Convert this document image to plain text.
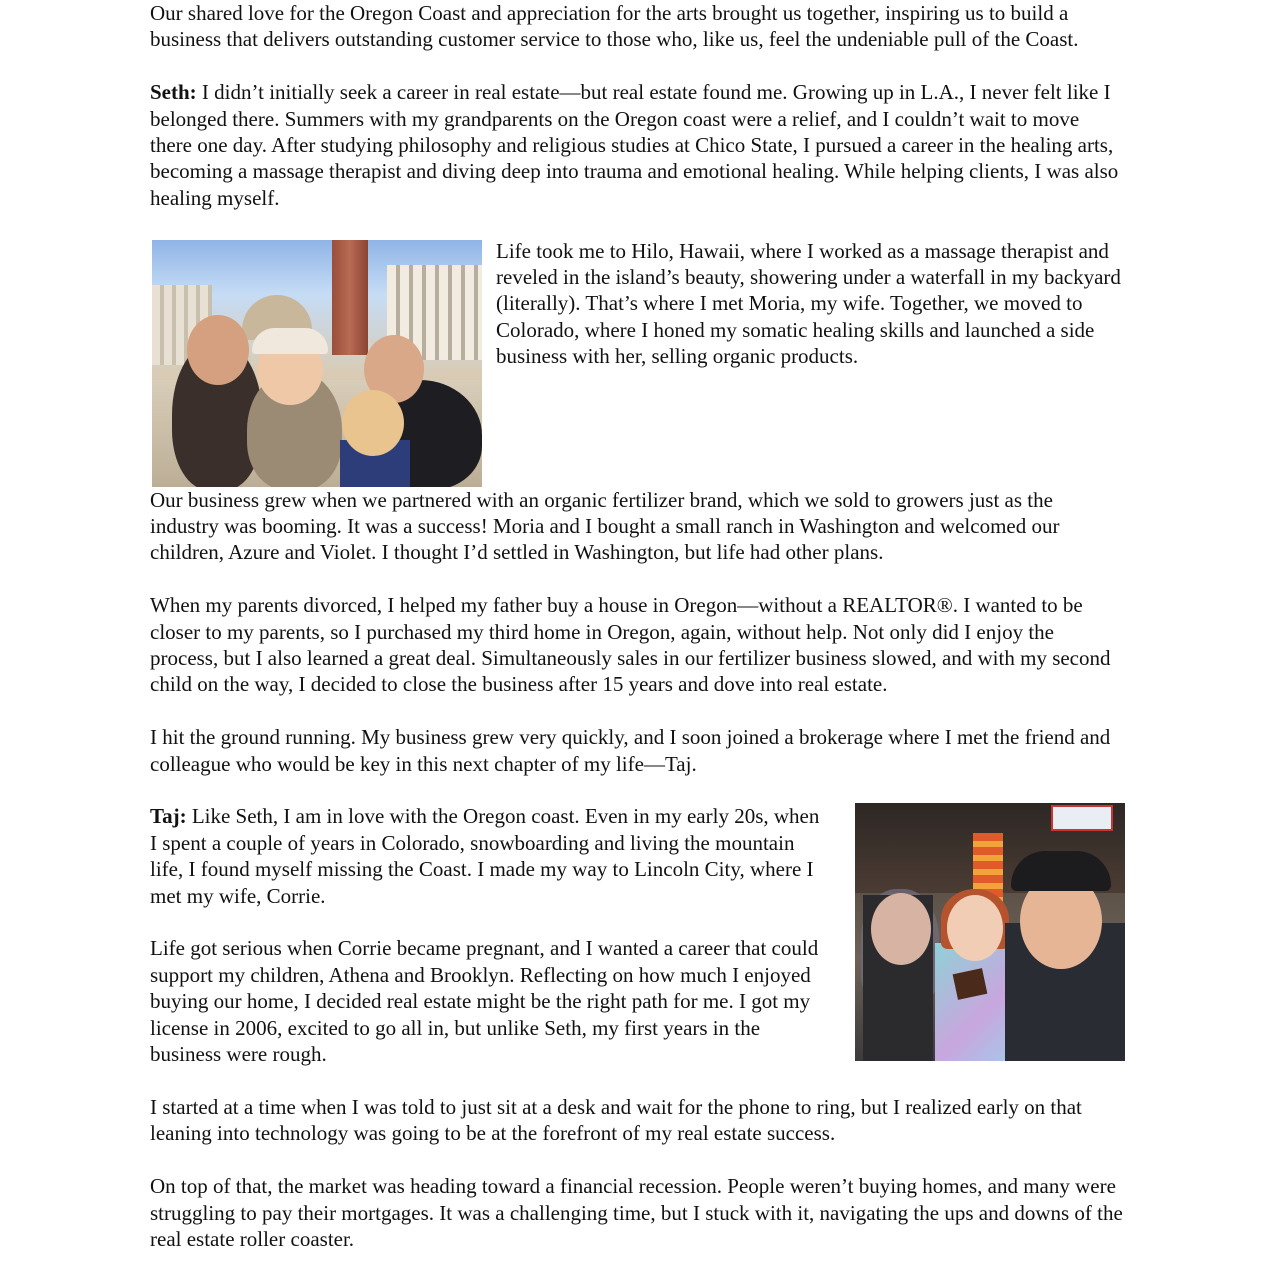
Our shared love for the Oregon Coast and appreciation for the arts brought us together, inspiring us to build a business that delivers outstanding customer service to those who, like us, feel the undeniable pull of the Coast.

Seth: I didn’t initially seek a career in real estate—but real estate found me. Growing up in L.A., I never felt like I belonged there. Summers with my grandparents on the Oregon coast were a relief, and I couldn’t wait to move there one day. After studying philosophy and religious studies at Chico State, I pursued a career in the healing arts, becoming a massage therapist and diving deep into trauma and emotional healing. While helping clients, I was also healing myself.

Life took me to Hilo, Hawaii, where I worked as a massage therapist and reveled in the island’s beauty, showering under a waterfall in my backyard (literally). That’s where I met Moria, my wife. Together, we moved to Colorado, where I honed my somatic healing skills and launched a side business with her, selling organic products.

Our business grew when we partnered with an organic fertilizer brand, which we sold to growers just as the industry was booming. It was a success! Moria and I bought a small ranch in Washington and welcomed our children, Azure and Violet. I thought I’d settled in Washington, but life had other plans.

When my parents divorced, I helped my father buy a house in Oregon—without a REALTOR®. I wanted to be closer to my parents, so I purchased my third home in Oregon, again, without help. Not only did I enjoy the process, but I also learned a great deal. Simultaneously sales in our fertilizer business slowed, and with my second child on the way, I decided to close the business after 15 years and dove into real estate.

I hit the ground running. My business grew very quickly, and I soon joined a brokerage where I met the friend and colleague who would be key in this next chapter of my life—Taj.

Taj: Like Seth, I am in love with the Oregon coast. Even in my early 20s, when I spent a couple of years in Colorado, snowboarding and living the mountain life, I found myself missing the Coast. I made my way to Lincoln City, where I met my wife, Corrie.

Life got serious when Corrie became pregnant, and I wanted a career that could support my children, Athena and Brooklyn. Reflecting on how much I enjoyed buying our home, I decided real estate might be the right path for me. I got my license in 2006, excited to go all in, but unlike Seth, my first years in the business were rough.

I started at a time when I was told to just sit at a desk and wait for the phone to ring, but I realized early on that leaning into technology was going to be at the forefront of my real estate success.

On top of that, the market was heading toward a financial recession. People weren’t buying homes, and many were struggling to pay their mortgages. It was a challenging time, but I stuck with it, navigating the ups and downs of the real estate roller coaster.
